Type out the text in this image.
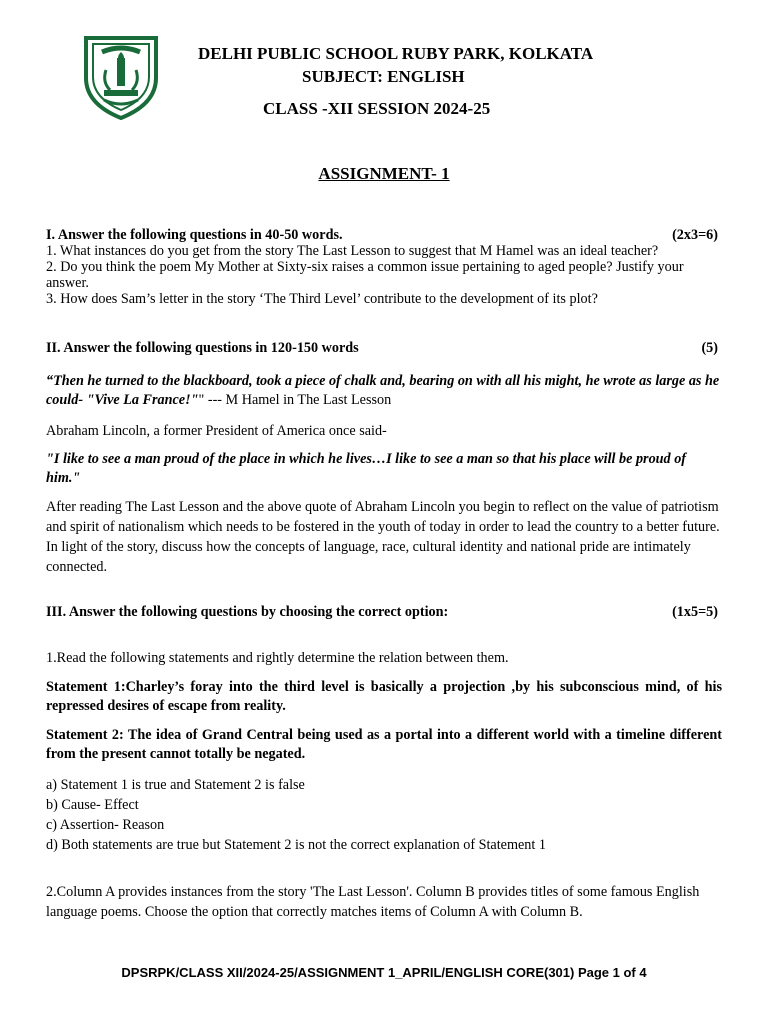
DELHI PUBLIC SCHOOL RUBY PARK, KOLKATA
SUBJECT: ENGLISH
CLASS -XII SESSION 2024-25
ASSIGNMENT- 1
I. Answer the following questions in 40-50 words.	(2x3=6)

1. What instances do you get from the story The Last Lesson to suggest that M Hamel was an ideal teacher?

2. Do you think the poem My Mother at Sixty-six raises a common issue pertaining to aged people? Justify your answer.

3. How does Sam’s letter in the story ‘The Third Level’ contribute to the development of its plot?

II. Answer the following questions in 120-150 words	(5)

“Then he turned to the blackboard, took a piece of chalk and, bearing on with all his might, he wrote as large as he could- "Vive La France!"" --- M Hamel in The Last Lesson

Abraham Lincoln, a former President of America once said-

"I like to see a man proud of the place in which he lives…I like to see a man so that his place will be proud of him."

After reading The Last Lesson and the above quote of Abraham Lincoln you begin to reflect on the value of patriotism and spirit of nationalism which needs to be fostered in the youth of today in order to lead the country to a better future. In light of the story, discuss how the concepts of language, race, cultural identity and national pride are intimately connected.

III. Answer the following questions by choosing the correct option:	(1x5=5)

1.Read the following statements and rightly determine the relation between them.

Statement 1:Charley’s foray into the third level is basically a projection ,by his subconscious mind, of his repressed desires of escape from reality.

Statement 2: The idea of Grand Central being used as a portal into a different world with a timeline different from the present cannot totally be negated.

a) Statement 1 is true and Statement 2 is false

b) Cause- Effect

c) Assertion- Reason

d) Both statements are true but Statement 2 is not the correct explanation of Statement 1

2.Column A provides instances from the story 'The Last Lesson'. Column B provides titles of some famous English language poems. Choose the option that correctly matches items of Column A with Column B.

DPSRPK/CLASS XII/2024-25/ASSIGNMENT 1_APRIL/ENGLISH CORE(301) Page 1 of 4
